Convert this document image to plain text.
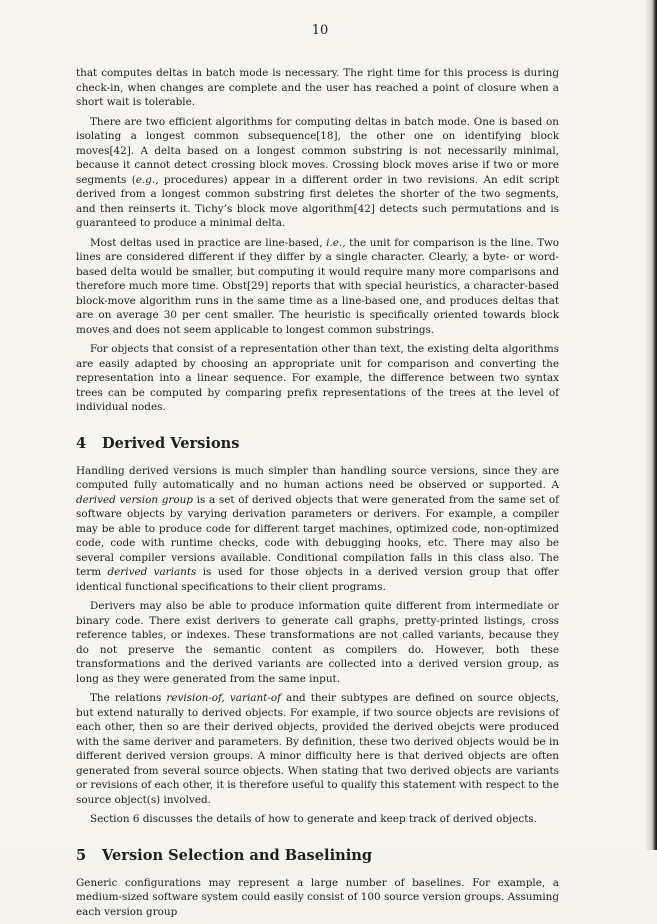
10

that computes deltas in batch mode is necessary. The right time for this process is during check-in, when changes are complete and the user has reached a point of closure when a short wait is tolerable.

There are two efficient algorithms for computing deltas in batch mode. One is based on isolating a longest common subsequence[18], the other one on identifying block moves[42]. A delta based on a longest common substring is not necessarily minimal, because it cannot detect crossing block moves. Crossing block moves arise if two or more segments (e.g., procedures) appear in a different order in two revisions. An edit script derived from a longest common substring first deletes the shorter of the two segments, and then reinserts it. Tichy’s block move algorithm[42] detects such permutations and is guaranteed to produce a minimal delta.

Most deltas used in practice are line-based, i.e., the unit for comparison is the line. Two lines are considered different if they differ by a single character. Clearly, a byte- or word-based delta would be smaller, but computing it would require many more comparisons and therefore much more time. Obst[29] reports that with special heuristics, a character-based block-move algorithm runs in the same time as a line-based one, and produces deltas that are on average 30 per cent smaller. The heuristic is specifically oriented towards block moves and does not seem applicable to longest common substrings.

For objects that consist of a representation other than text, the existing delta algorithms are easily adapted by choosing an appropriate unit for comparison and converting the representation into a linear sequence. For example, the difference between two syntax trees can be computed by comparing prefix representations of the trees at the level of individual nodes.

4	Derived Versions

Handling derived versions is much simpler than handling source versions, since they are computed fully automatically and no human actions need be observed or supported. A derived version group is a set of derived objects that were generated from the same set of software objects by varying derivation parameters or derivers. For example, a compiler may be able to produce code for different target machines, optimized code, non-optimized code, code with runtime checks, code with debugging hooks, etc. There may also be several compiler versions available. Conditional compilation falls in this class also. The term derived variants is used for those objects in a derived version group that offer identical functional specifications to their client programs.

Derivers may also be able to produce information quite different from intermediate or binary code. There exist derivers to generate call graphs, pretty-printed listings, cross reference tables, or indexes. These transformations are not called variants, because they do not preserve the semantic content as compilers do. However, both these transformations and the derived variants are collected into a derived version group, as long as they were generated from the same input.

The relations revision-of, variant-of and their subtypes are defined on source objects, but extend naturally to derived objects. For example, if two source objects are revisions of each other, then so are their derived objects, provided the derived obejcts were produced with the same deriver and parameters. By definition, these two derived objects would be in different derived version groups. A minor difficulty here is that derived objects are often generated from several source objects. When stating that two derived objects are variants or revisions of each other, it is therefore useful to qualify this statement with respect to the source object(s) involved.

Section 6 discusses the details of how to generate and keep track of derived objects.

5	Version Selection and Baselining

Generic configurations may represent a large number of baselines. For example, a medium-sized software system could easily consist of 100 source version groups. Assuming each version group
